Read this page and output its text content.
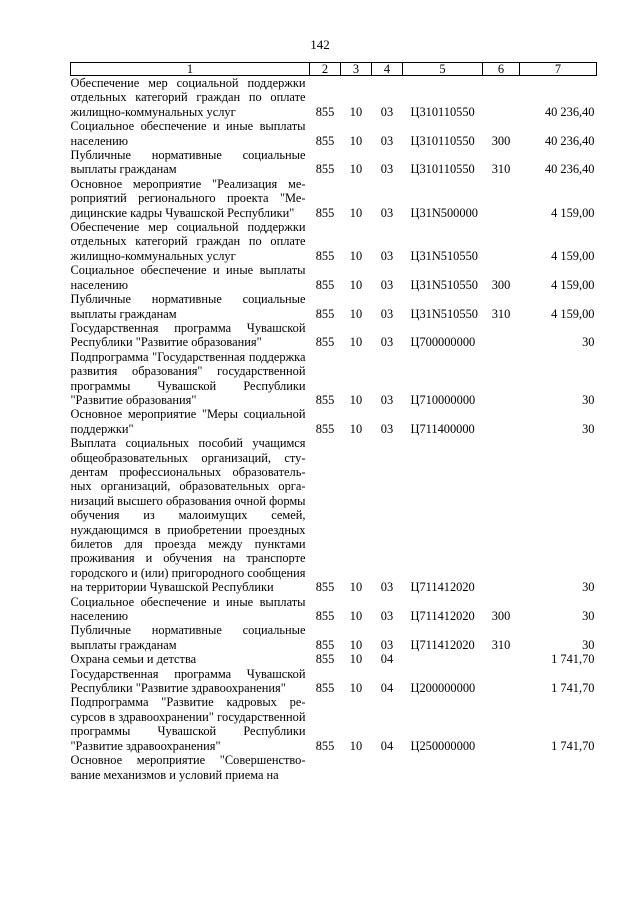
142
1	2	3	4	5	6	7
Обеспечение мер социальной поддержки отдельных категорий граждан по оплате жилищно-коммунальных услуг	855	10	03	Ц310110550		40 236,40
Социальное обеспечение и иные выплаты населению	855	10	03	Ц310110550	300	40 236,40
Публичные нормативные социальные выплаты гражданам	855	10	03	Ц310110550	310	40 236,40
Основное мероприятие "Реализация мероприятий регионального проекта "Медицинские кадры Чувашской Республики"	855	10	03	Ц31N500000		4 159,00
Обеспечение мер социальной поддержки отдельных категорий граждан по оплате жилищно-коммунальных услуг	855	10	03	Ц31N510550		4 159,00
Социальное обеспечение и иные выплаты населению	855	10	03	Ц31N510550	300	4 159,00
Публичные нормативные социальные выплаты гражданам	855	10	03	Ц31N510550	310	4 159,00
Государственная программа Чувашской Республики "Развитие образования"	855	10	03	Ц700000000		30
Подпрограмма "Государственная поддержка развития образования" государственной программы Чувашской Республики "Развитие образования"	855	10	03	Ц710000000		30
Основное мероприятие "Меры социальной поддержки"	855	10	03	Ц711400000		30
Выплата социальных пособий учащимся общеобразовательных организаций, студентам профессиональных образовательных организаций, образовательных организаций высшего образования очной формы обучения из малоимущих семей, нуждающимся в приобретении проездных билетов для проезда между пунктами проживания и обучения на транспорте городского и (или) пригородного сообщения на территории Чувашской Республики	855	10	03	Ц711412020		30
Социальное обеспечение и иные выплаты населению	855	10	03	Ц711412020	300	30
Публичные нормативные социальные выплаты гражданам	855	10	03	Ц711412020	310	30
Охрана семьи и детства	855	10	04			1 741,70
Государственная программа Чувашской Республики "Развитие здравоохранения"	855	10	04	Ц200000000		1 741,70
Подпрограмма "Развитие кадровых ресурсов в здравоохранении" государственной программы Чувашской Республики "Развитие здравоохранения"	855	10	04	Ц250000000		1 741,70
Основное мероприятие "Совершенствование механизмов и условий приема на						
